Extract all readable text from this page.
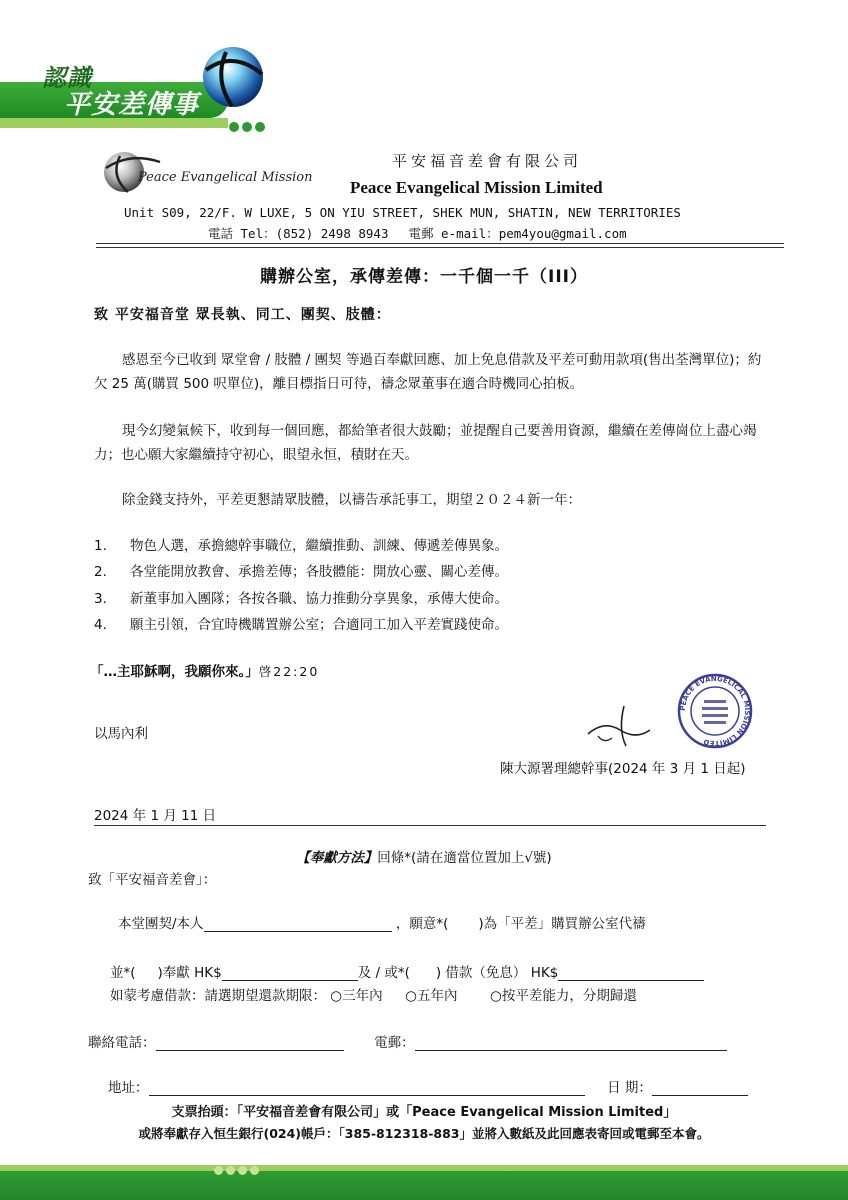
認識
平安差傳事
Peace Evangelical Mission
平安福音差會有限公司
Peace Evangelical Mission Limited
Unit S09, 22/F. W LUXE, 5 ON YIU STREET, SHEK MUN, SHATIN, NEW TERRITORIES
電話 Tel：(852) 2498 8943　 電郵 e-mail：pem4you@gmail.com
購辦公室，承傳差傳：一千個一千（III）
致 平安福音堂 眾長執、同工、團契、肢體：
感恩至今已收到 眾堂會 / 肢體 / 團契 等過百奉獻回應、加上免息借款及平差可動用款項(售出荃灣單位)；約欠 25 萬(購買 500 呎單位)，離目標指日可待，禱念眾董事在適合時機同心拍板。
現今幻變氣候下，收到每一個回應，都給筆者很大鼓勵；並提醒自己要善用資源，繼續在差傳崗位上盡心竭力；也心願大家繼續持守初心，眼望永恒，積財在天。
除金錢支持外，平差更懇請眾肢體，以禱告承託事工，期望２０２４新一年：
1. 物色人選，承擔總幹事職位，繼續推動、訓練、傳遞差傳異象。
2. 各堂能開放教會、承擔差傳；各肢體能：開放心靈、關心差傳。
3. 新董事加入團隊；各按各職、協力推動分享異象，承傳大使命。
4. 願主引領，合宜時機購置辦公室；合適同工加入平差實踐使命。
「…主耶穌啊，我願你來。」啓22:20
以馬內利
PEACE EVANGELICAL MISSION LIMITED
陳大源署理總幹事(2024 年 3 月 1 日起)
2024 年 1 月 11 日
【奉獻方法】回條*(請在適當位置加上√號)
致「平安福音差會」：
本堂團契/本人	，願意*( )為「平差」購買辦公室代禱
並*( )奉獻 HK$	及 / 或*( ) 借款（免息） HK$
如蒙考慮借款：請選期望還款期限： ○三年內 ○五年內 ○按平差能力，分期歸還
聯絡電話：	電郵：
地址：	日 期：
支票抬頭：「平安福音差會有限公司」或「Peace Evangelical Mission Limited」
或將奉獻存入恒生銀行(024)帳戶：「385-812318-883」並將入數紙及此回應表寄回或電郵至本會。
